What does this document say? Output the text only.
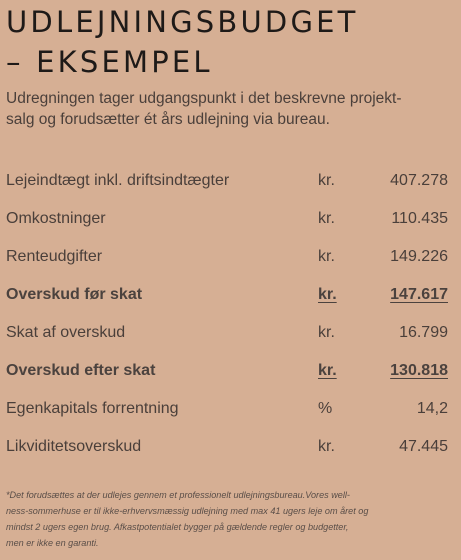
UDLEJNINGSBUDGET
– EKSEMPEL

Udregningen tager udgangspunkt i det beskrevne projekt-
salg og forudsætter ét års udlejning via bureau.

Lejeindtægt inkl. driftsindtægter	kr.	407.278
Omkostninger	kr.	110.435
Renteudgifter	kr.	149.226
Overskud før skat	kr.	147.617
Skat af overskud	kr.	16.799
Overskud efter skat	kr.	130.818
Egenkapitals forrentning	%	14,2
Likviditetsoverskud	kr.	47.445

*Det forudsættes at der udlejes gennem et professionelt udlejningsbureau.Vores well-
ness-sommerhuse er til ikke-erhvervsmæssig udlejning med max 41 ugers leje om året og
mindst 2 ugers egen brug. Afkastpotentialet bygger på gældende regler og budgetter,
men er ikke en garanti.
